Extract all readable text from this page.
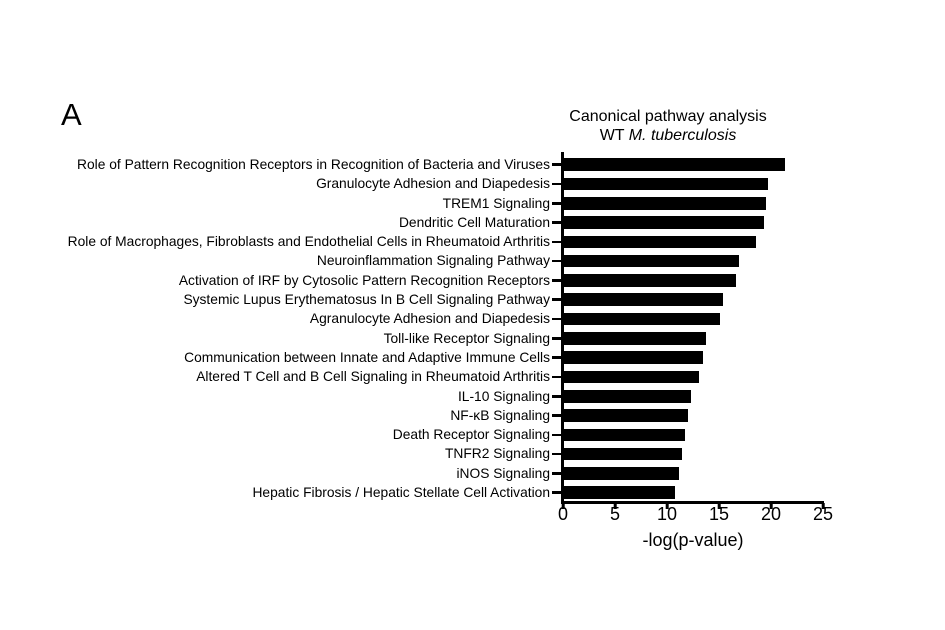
A	Canonical pathway analysis
WT M. tuberculosis
Role of Pattern Recognition Receptors in Recognition of Bacteria and Viruses
Granulocyte Adhesion and Diapedesis
TREM1 Signaling
Dendritic Cell Maturation
Role of Macrophages, Fibroblasts and Endothelial Cells in Rheumatoid Arthritis
Neuroinflammation Signaling Pathway
Activation of IRF by Cytosolic Pattern Recognition Receptors
Systemic Lupus Erythematosus In B Cell Signaling Pathway
Agranulocyte Adhesion and Diapedesis
Toll-like Receptor Signaling
Communication between Innate and Adaptive Immune Cells
Altered T Cell and B Cell Signaling in Rheumatoid Arthritis
IL-10 Signaling
NF-κB Signaling
Death Receptor Signaling
TNFR2 Signaling
iNOS Signaling
Hepatic Fibrosis / Hepatic Stellate Cell Activation
0 5 10 15 20 25
-log(p-value)
